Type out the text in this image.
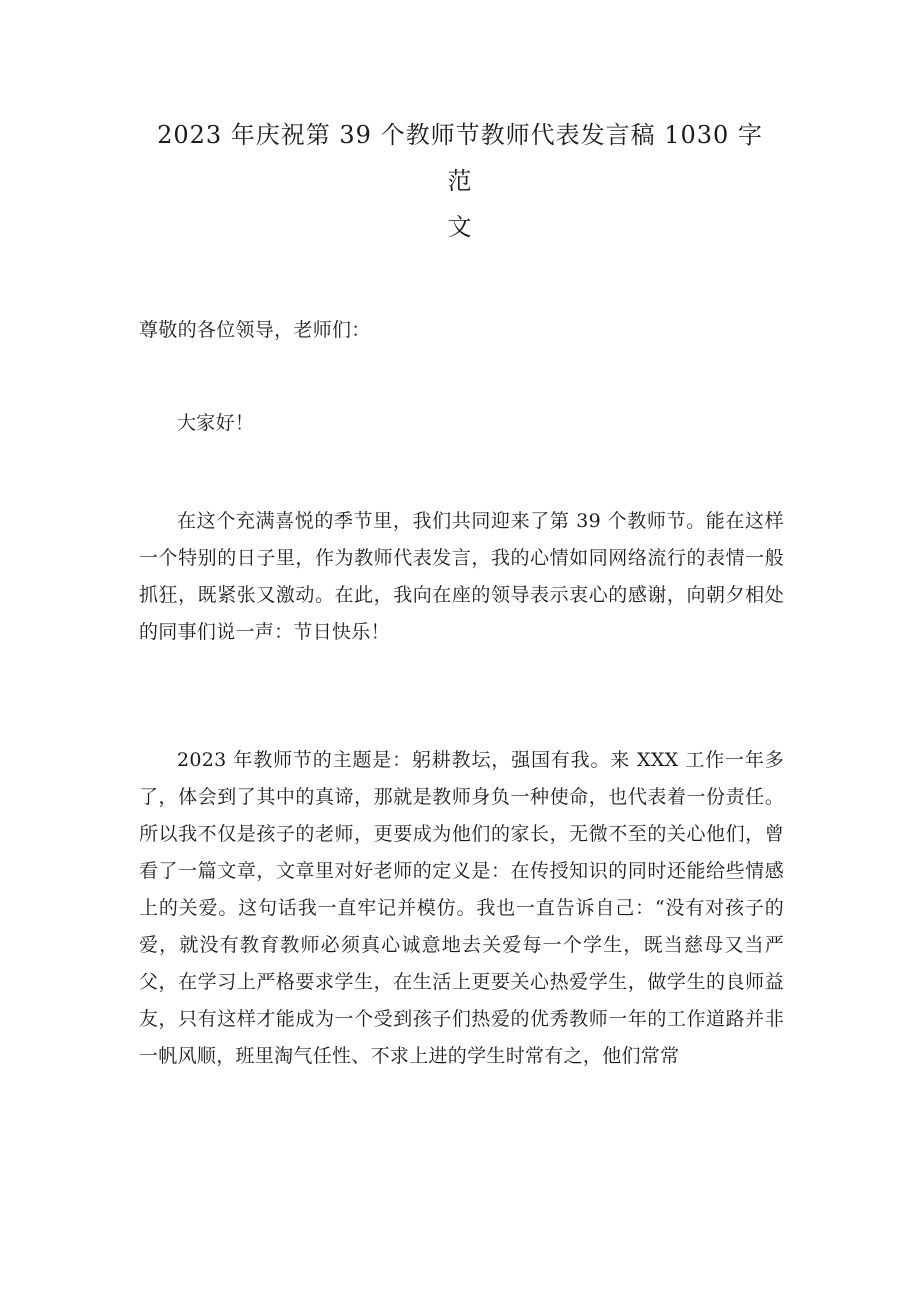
2023 年庆祝第 39 个教师节教师代表发言稿 1030 字
范
文
尊敬的各位领导，老师们：
大家好！
在这个充满喜悦的季节里，我们共同迎来了第 39 个教师节。能在这样一个特别的日子里，作为教师代表发言，我的心情如同网络流行的表情一般抓狂，既紧张又激动。在此，我向在座的领导表示衷心的感谢，向朝夕相处的同事们说一声：节日快乐！
2023 年教师节的主题是：躬耕教坛，强国有我。来 XXX 工作一年多了，体会到了其中的真谛，那就是教师身负一种使命，也代表着一份责任。所以我不仅是孩子的老师，更要成为他们的家长，无微不至的关心他们，曾看了一篇文章，文章里对好老师的定义是：在传授知识的同时还能给些情感上的关爱。这句话我一直牢记并模仿。我也一直告诉自己：“没有对孩子的爱，就没有教育教师必须真心诚意地去关爱每一个学生，既当慈母又当严父，在学习上严格要求学生，在生活上更要关心热爱学生，做学生的良师益友，只有这样才能成为一个受到孩子们热爱的优秀教师一年的工作道路并非一帆风顺，班里淘气任性、不求上进的学生时常有之，他们常常
